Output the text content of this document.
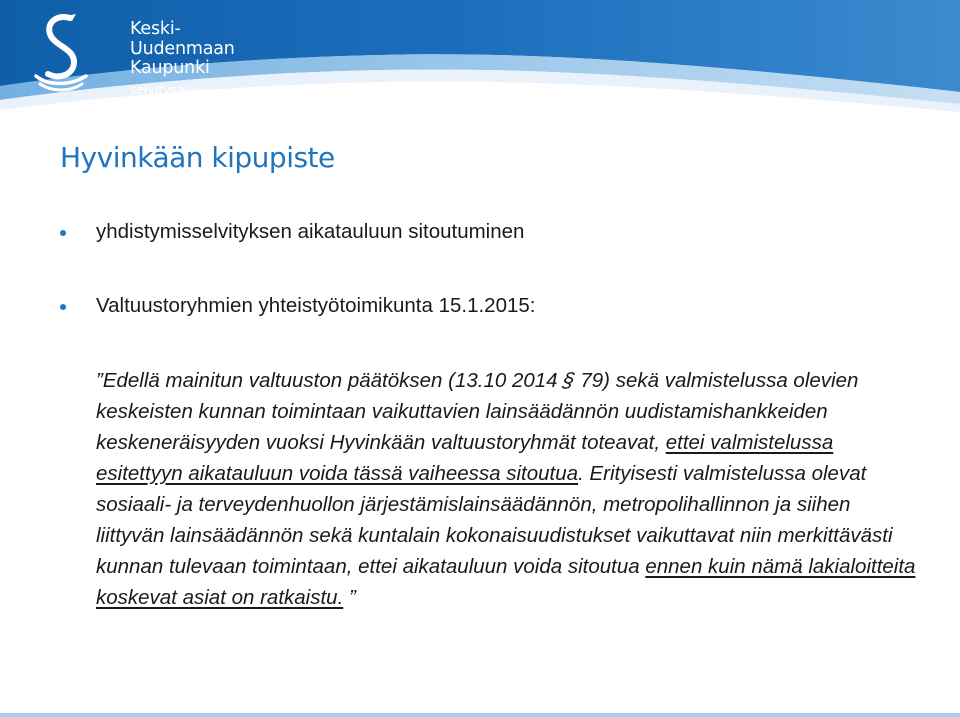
Keski-
Uudenmaan
Kaupunki
selvitysalue
Hyvinkään kipupiste
yhdistymisselvityksen aikatauluun sitoutuminen
Valtuustoryhmien yhteistyötoimikunta 15.1.2015:

”Edellä mainitun valtuuston päätöksen (13.10 2014 § 79) sekä valmistelussa olevien keskeisten kunnan toimintaan vaikuttavien lainsäädännön uudistamishankkeiden keskeneräisyyden vuoksi Hyvinkään valtuustoryhmät toteavat, ettei valmistelussa esitettyyn aikatauluun voida tässä vaiheessa sitoutua. Erityisesti valmistelussa olevat sosiaali- ja terveydenhuollon järjestämislainsäädännön, metropolihallinnon ja siihen liittyvän lainsäädännön sekä kuntalain kokonaisuudistukset vaikuttavat niin merkittävästi kunnan tulevaan toimintaan, ettei aikatauluun voida sitoutua ennen kuin nämä lakialoitteita koskevat asiat on ratkaistu. ”
